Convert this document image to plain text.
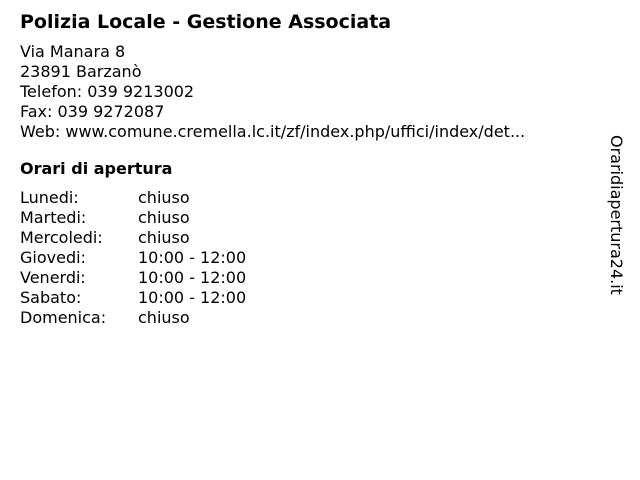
Polizia Locale - Gestione Associata
Via Manara 8
23891 Barzanò
Telefon: 039 9213002
Fax: 039 9272087
Web: www.comune.cremella.lc.it/zf/index.php/uffici/index/det...
Orari di apertura
Lunedi:	chiuso
Martedi:	chiuso
Mercoledi:	chiuso
Giovedi:	10:00 - 12:00
Venerdi:	10:00 - 12:00
Sabato:	10:00 - 12:00
Domenica:	chiuso
Oraridiapertura24.it
